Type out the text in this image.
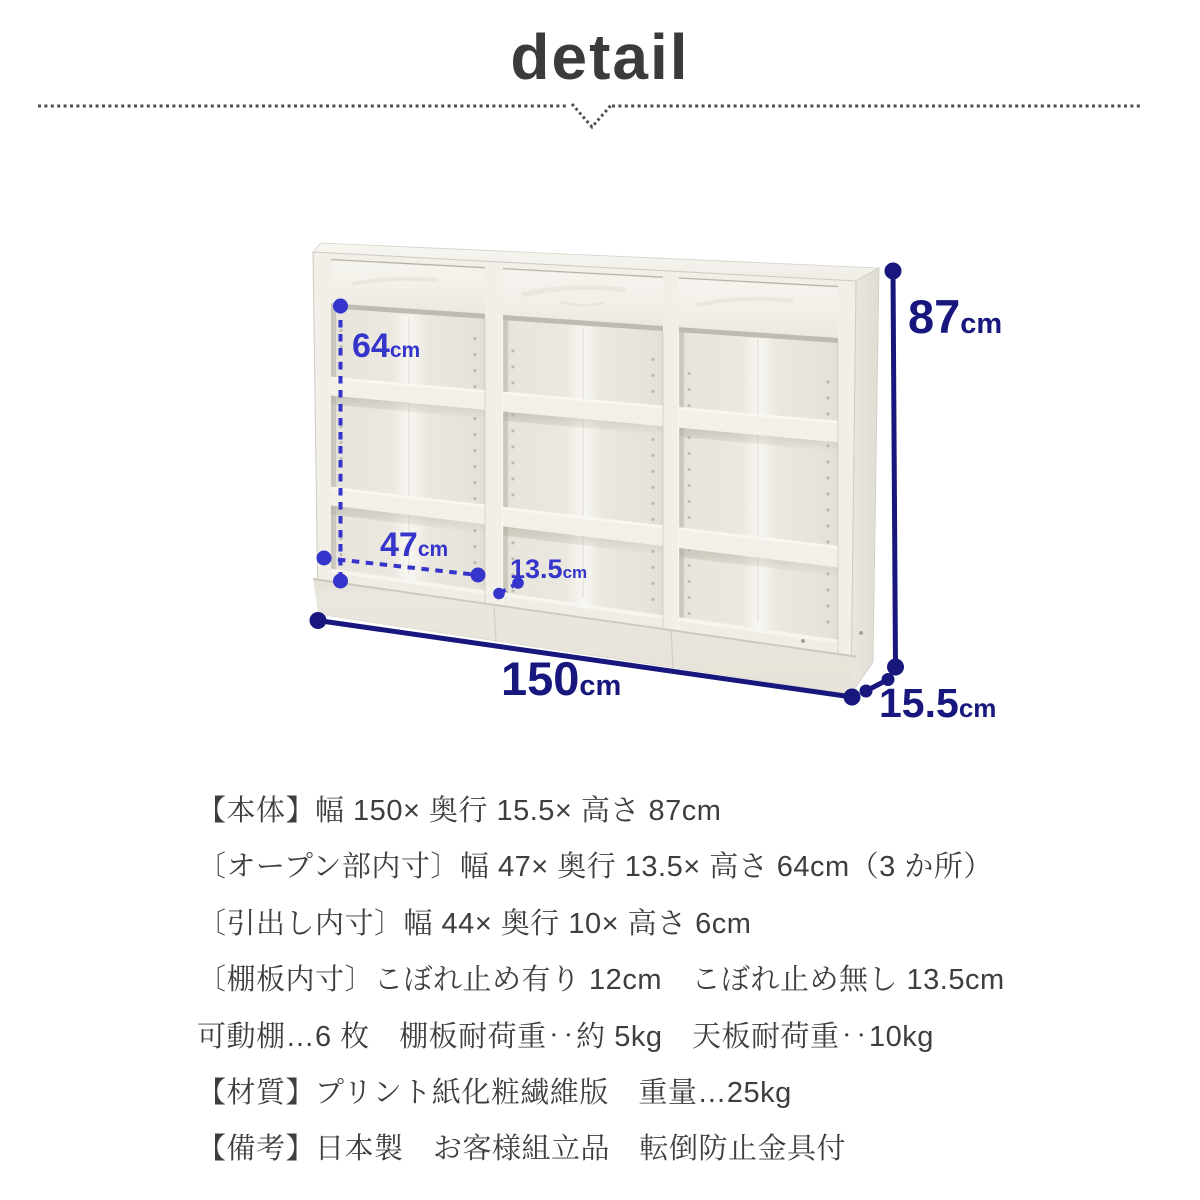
detail
64cm
47cm
13.5cm
150cm
87cm
15.5cm
【本体】幅 150× 奥行 15.5× 高さ 87cm
〔オープン部内寸〕幅 47× 奥行 13.5× 高さ 64cm（3 か所）
〔引出し内寸〕幅 44× 奥行 10× 高さ 6cm
〔棚板内寸〕こぼれ止め有り 12cm　こぼれ止め無し 13.5cm
可動棚…6 枚　棚板耐荷重‥約 5kg　天板耐荷重‥10kg
【材質】プリント紙化粧繊維版　重量…25kg
【備考】日本製　お客様組立品　転倒防止金具付
